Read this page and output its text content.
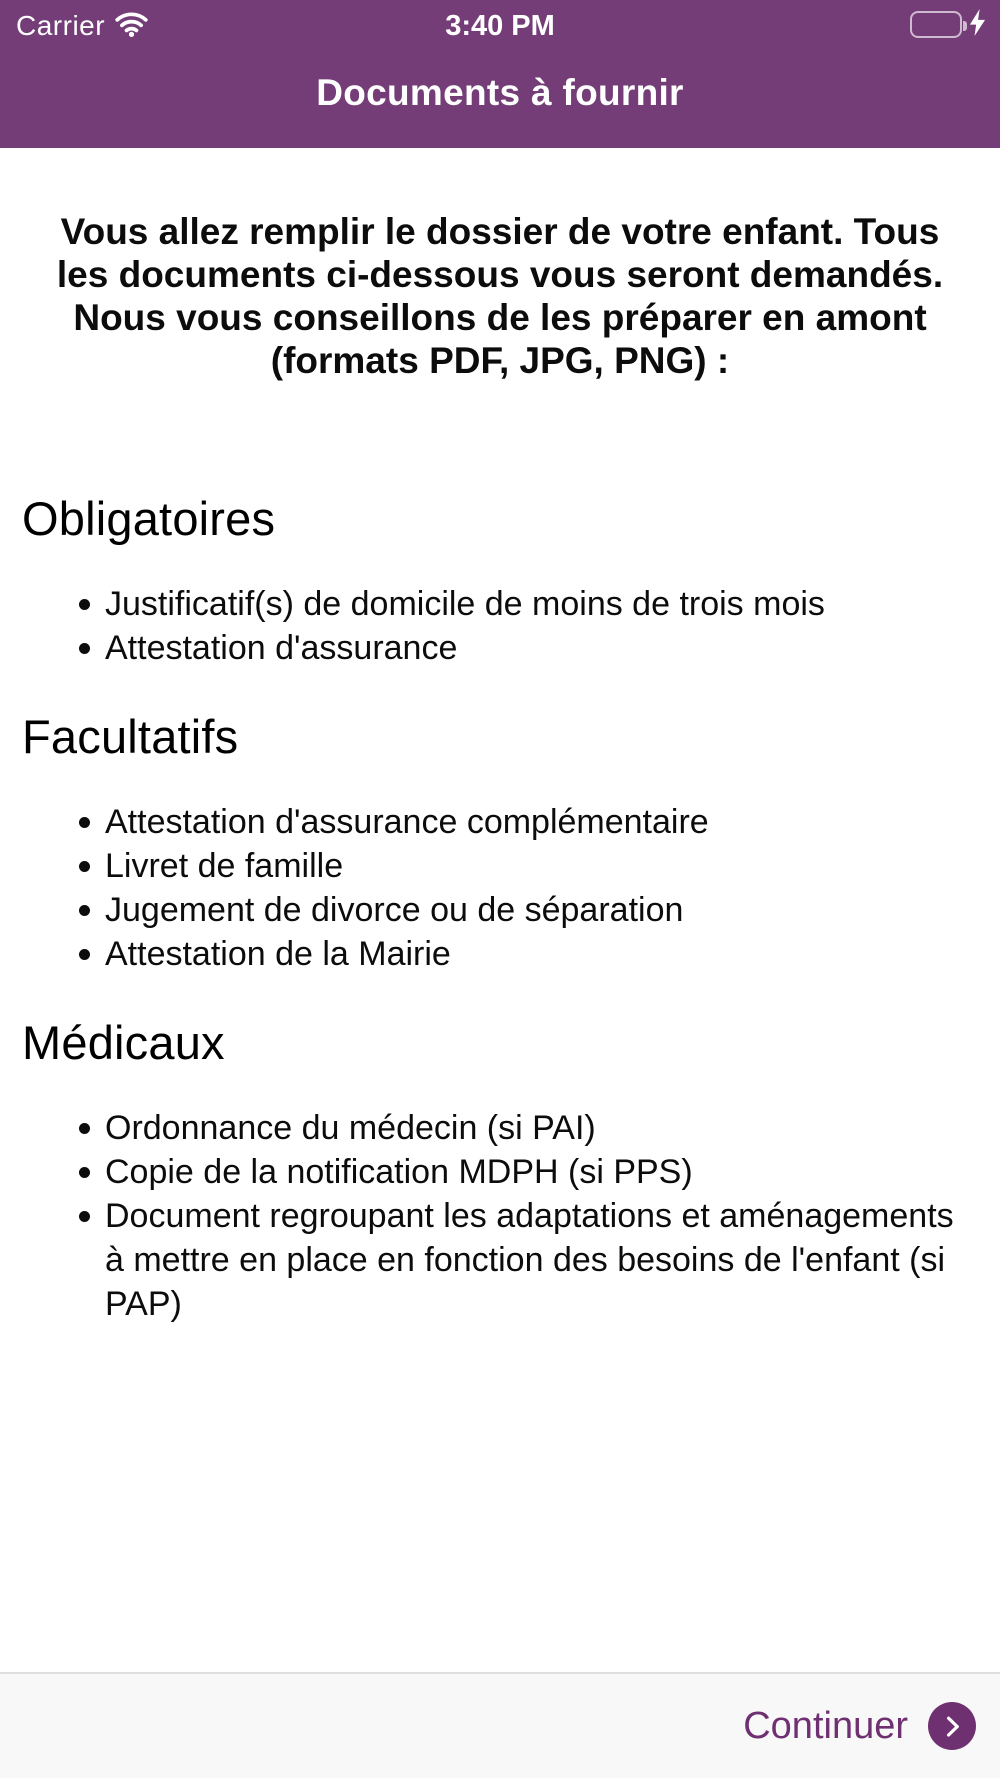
Carrier	3:40 PM
Documents à fournir

Vous allez remplir le dossier de votre enfant. Tous les documents ci-dessous vous seront demandés. Nous vous conseillons de les préparer en amont (formats PDF, JPG, PNG) :

Obligatoires
Justificatif(s) de domicile de moins de trois mois
Attestation d'assurance
Facultatifs
Attestation d'assurance complémentaire
Livret de famille
Jugement de divorce ou de séparation
Attestation de la Mairie
Médicaux
Ordonnance du médecin (si PAI)
Copie de la notification MDPH (si PPS)
Document regroupant les adaptations et aménagements à mettre en place en fonction des besoins de l'enfant (si PAP)
Continuer
